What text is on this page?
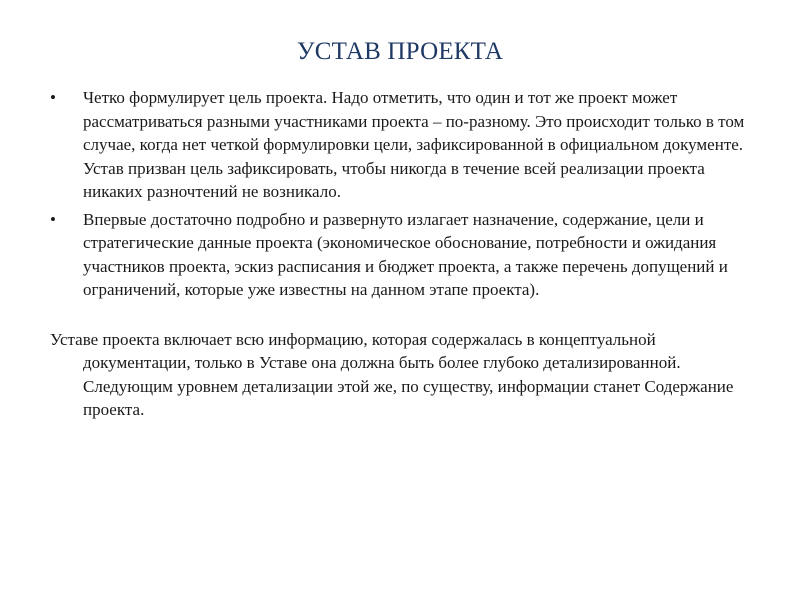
УСТАВ ПРОЕКТА
•	Четко формулирует цель проекта. Надо отметить, что один и тот же проект может рассматриваться разными участниками проекта – по-разному. Это происходит только в том случае, когда нет четкой формулировки цели, зафиксированной в официальном документе. Устав призван цель зафиксировать, чтобы никогда в течение всей реализации проекта никаких разночтений не возникало.
•	Впервые достаточно подробно и развернуто излагает назначение, содержание, цели и стратегические данные проекта (экономическое обоснование, потребности и ожидания участников проекта, эскиз расписания и бюджет проекта, а также перечень допущений и ограничений, которые уже известны на данном этапе проекта).
Уставе проекта включает всю информацию, которая содержалась в концептуальной документации, только в Уставе она должна быть более глубоко детализированной. Следующим уровнем детализации этой же, по существу, информации станет Содержание проекта.
